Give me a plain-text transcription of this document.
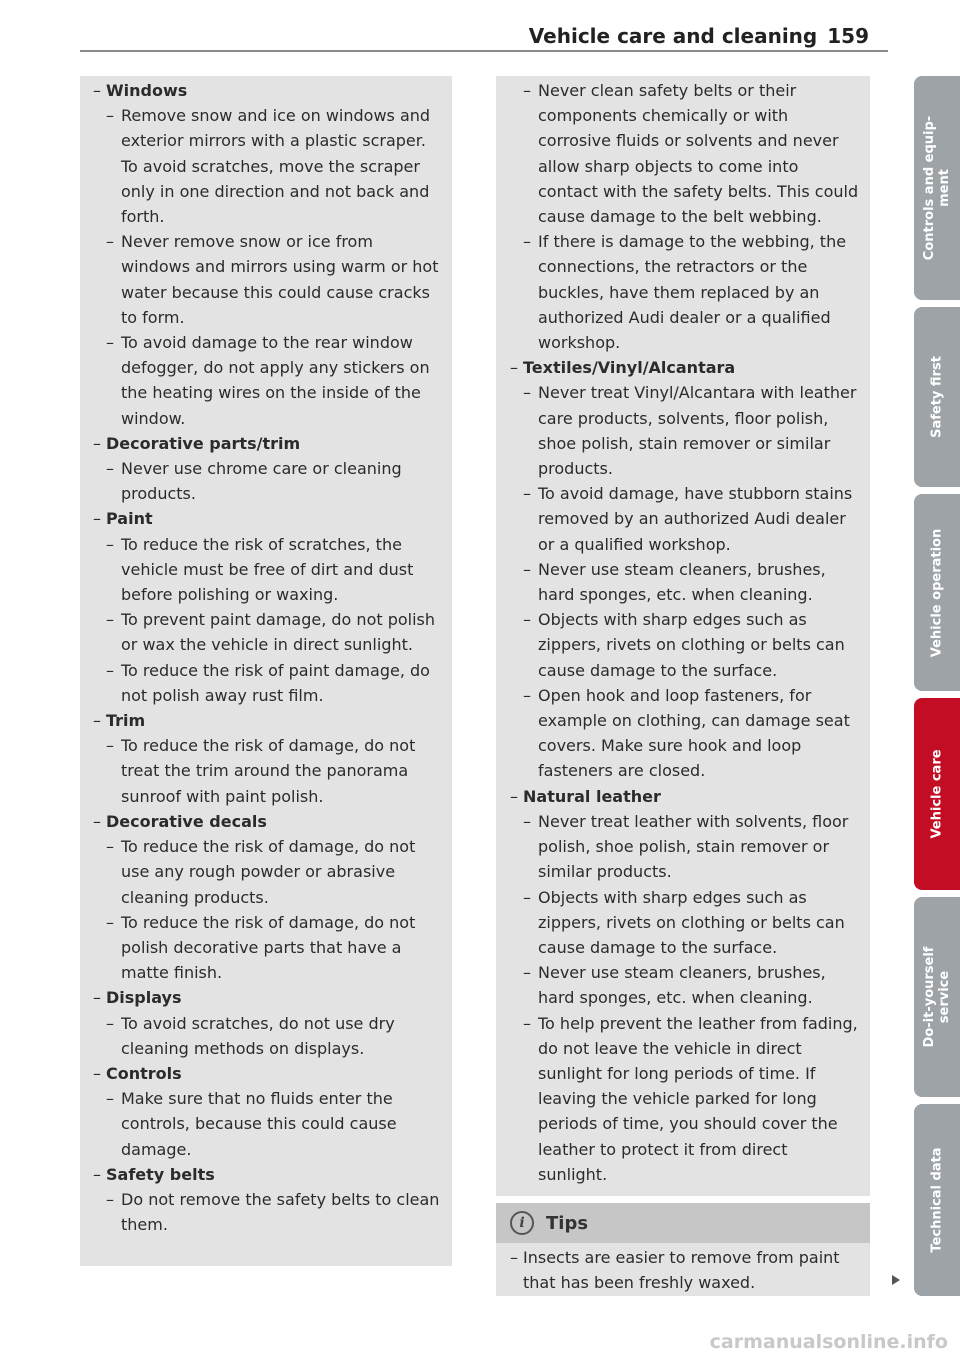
Vehicle care and cleaning 159
– Windows
– Remove snow and ice on windows and exterior mirrors with a plastic scraper. To avoid scratches, move the scraper only in one direction and not back and forth.
– Never remove snow or ice from windows and mirrors using warm or hot water because this could cause cracks to form.
– To avoid damage to the rear window defogger, do not apply any stickers on the heating wires on the inside of the window.
– Decorative parts/trim
– Never use chrome care or cleaning products.
– Paint
– To reduce the risk of scratches, the vehicle must be free of dirt and dust before polishing or waxing.
– To prevent paint damage, do not polish or wax the vehicle in direct sunlight.
– To reduce the risk of paint damage, do not polish away rust film.
– Trim
– To reduce the risk of damage, do not treat the trim around the panorama sunroof with paint polish.
– Decorative decals
– To reduce the risk of damage, do not use any rough powder or abrasive cleaning products.
– To reduce the risk of damage, do not polish decorative parts that have a matte finish.
– Displays
– To avoid scratches, do not use dry cleaning methods on displays.
– Controls
– Make sure that no fluids enter the controls, because this could cause damage.
– Safety belts
– Do not remove the safety belts to clean them.
– Never clean safety belts or their components chemically or with corrosive fluids or solvents and never allow sharp objects to come into contact with the safety belts. This could cause damage to the belt webbing.
– If there is damage to the webbing, the connections, the retractors or the buckles, have them replaced by an authorized Audi dealer or a qualified workshop.
– Textiles/Vinyl/Alcantara
– Never treat Vinyl/Alcantara with leather care products, solvents, floor polish, shoe polish, stain remover or similar products.
– To avoid damage, have stubborn stains removed by an authorized Audi dealer or a qualified workshop.
– Never use steam cleaners, brushes, hard sponges, etc. when cleaning.
– Objects with sharp edges such as zippers, rivets on clothing or belts can cause damage to the surface.
– Open hook and loop fasteners, for example on clothing, can damage seat covers. Make sure hook and loop fasteners are closed.
– Natural leather
– Never treat leather with solvents, floor polish, shoe polish, stain remover or similar products.
– Objects with sharp edges such as zippers, rivets on clothing or belts can cause damage to the surface.
– Never use steam cleaners, brushes, hard sponges, etc. when cleaning.
– To help prevent the leather from fading, do not leave the vehicle in direct sunlight for long periods of time. If leaving the vehicle parked for long periods of time, you should cover the leather to protect it from direct sunlight.
i	Tips
– Insects are easier to remove from paint that has been freshly waxed.
Controls and equip-
ment
Safety first
Vehicle operation
Vehicle care
Do-it-yourself
service
Technical data
carmanualsonline.info
